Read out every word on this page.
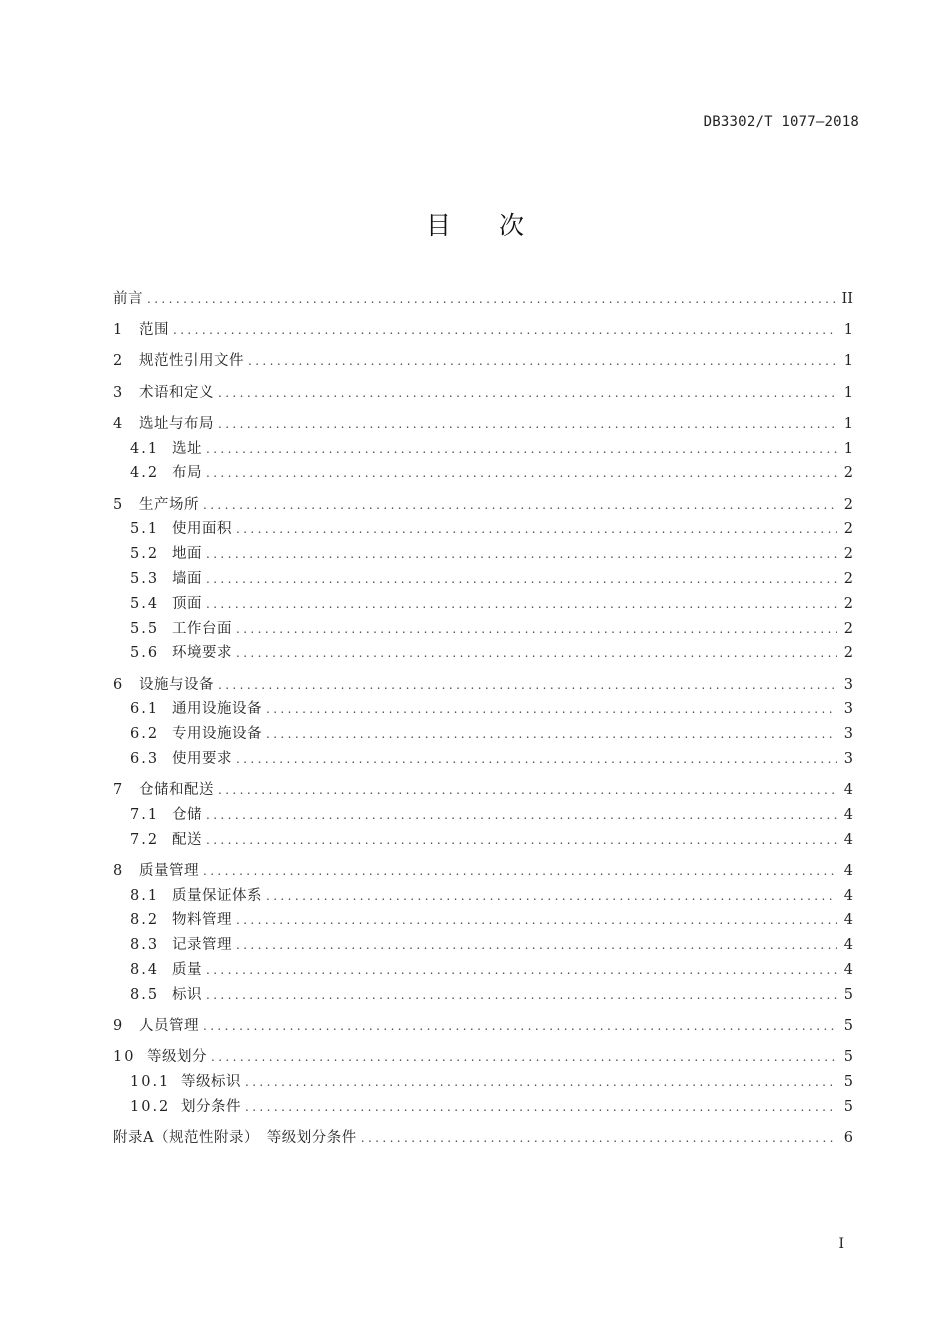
DB3302/T 1077—2018
目次
前言 .....	II
1	范围 .....	1
2	规范性引用文件 .....	1
3	术语和定义 .....	1
4	选址与布局 .....	1
4.1 选址 .....	1
4.2 布局 .....	2
5	生产场所 .....	2
5.1 使用面积 .....	2
5.2 地面 .....	2
5.3 墙面 .....	2
5.4 顶面 .....	2
5.5 工作台面 .....	2
5.6 环境要求 .....	2
6	设施与设备 .....	3
6.1 通用设施设备 .....	3
6.2 专用设施设备 .....	3
6.3 使用要求 .....	3
7	仓储和配送 .....	4
7.1 仓储 .....	4
7.2 配送 .....	4
8	质量管理 .....	4
8.1 质量保证体系 .....	4
8.2 物料管理 .....	4
8.3 记录管理 .....	4
8.4 质量 .....	4
8.5 标识 .....	5
9	人员管理 .....	5
10 等级划分 .....	5
10.1 等级标识 .....	5
10.2 划分条件 .....	5
附录A（规范性附录）　等级划分条件 .....	6
I
